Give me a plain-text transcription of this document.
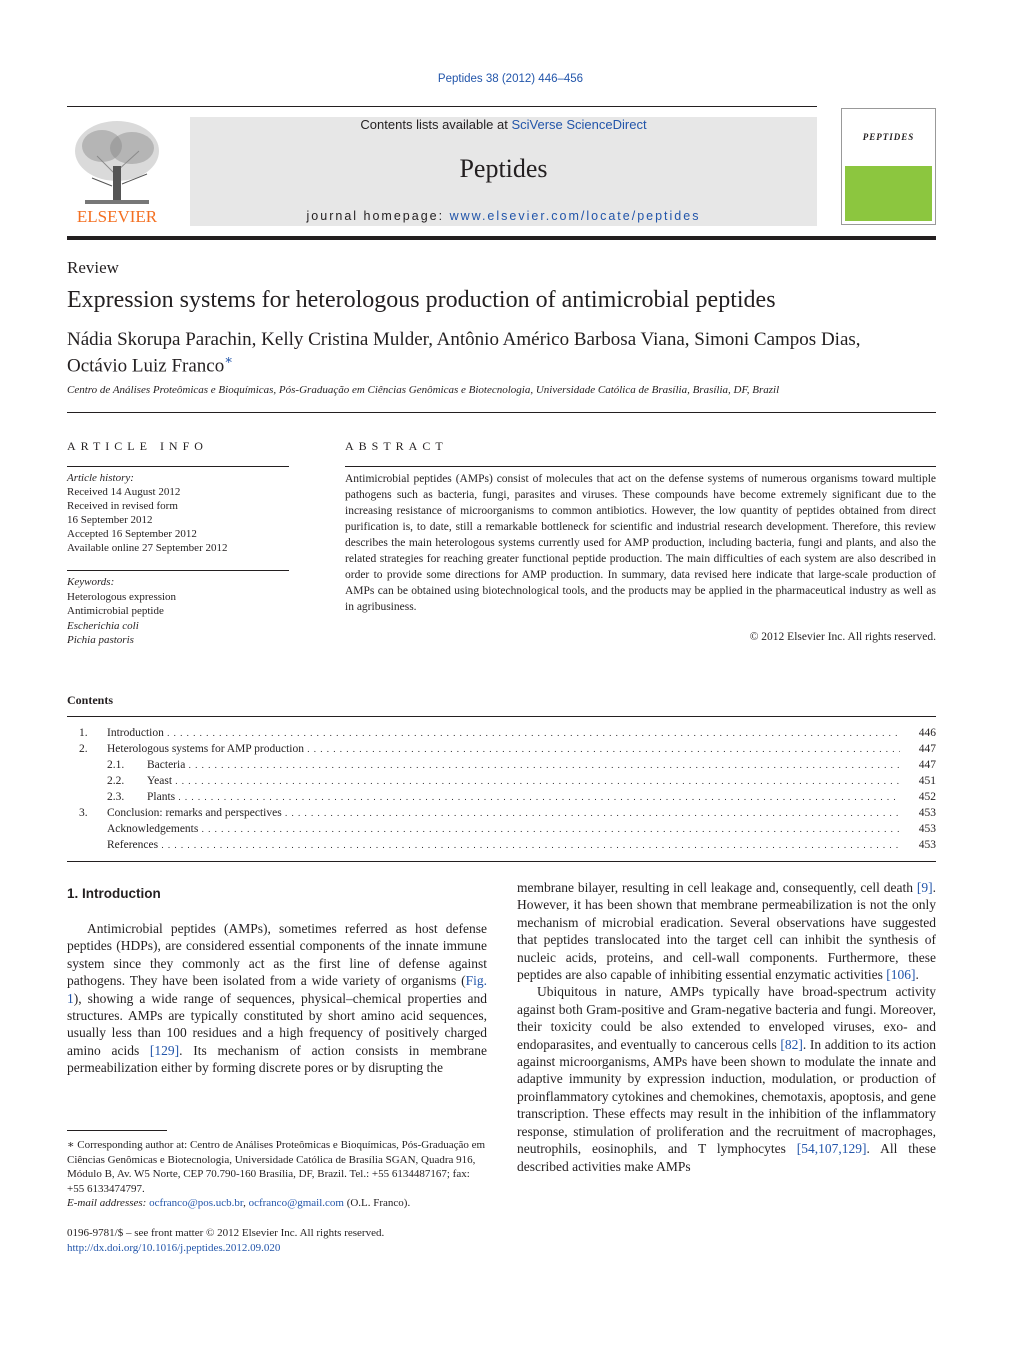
Peptides 38 (2012) 446–456
ELSEVIER
Contents lists available at SciVerse ScienceDirect
Peptides
journal homepage: www.elsevier.com/locate/peptides
PEPTIDES
Review
Expression systems for heterologous production of antimicrobial peptides
Nádia Skorupa Parachin, Kelly Cristina Mulder, Antônio Américo Barbosa Viana, Simoni Campos Dias,
Octávio Luiz Franco∗
Centro de Análises Proteômicas e Bioquímicas, Pós-Graduação em Ciências Genômicas e Biotecnologia, Universidade Católica de Brasília, Brasília, DF, Brazil
ARTICLE INFO
Article history:
Received 14 August 2012
Received in revised form
16 September 2012
Accepted 16 September 2012
Available online 27 September 2012
Keywords:
Heterologous expression
Antimicrobial peptide
Escherichia coli
Pichia pastoris
ABSTRACT
Antimicrobial peptides (AMPs) consist of molecules that act on the defense systems of numerous organisms toward multiple pathogens such as bacteria, fungi, parasites and viruses. These compounds have become extremely significant due to the increasing resistance of microorganisms to common antibiotics. However, the low quantity of peptides obtained from direct purification is, to date, still a remarkable bottleneck for scientific and industrial research development. Therefore, this review describes the main heterologous systems currently used for AMP production, including bacteria, fungi and plants, and also the related strategies for reaching greater functional peptide production. The main difficulties of each system are also described in order to provide some directions for AMP production. In summary, data revised here indicate that large-scale production of AMPs can be obtained using biotechnological tools, and the products may be applied in the pharmaceutical industry as well as in agribusiness.
© 2012 Elsevier Inc. All rights reserved.
Contents
1.	Introduction . . .	446
2.	Heterologous systems for AMP production . . .	447
2.1.	Bacteria . . .	447
2.2.	Yeast . . .	451
2.3.	Plants . . .	452
3.	Conclusion: remarks and perspectives . . .	453
Acknowledgements . . .	453
References . . .	453
1. Introduction
Antimicrobial peptides (AMPs), sometimes referred as host defense peptides (HDPs), are considered essential components of the innate immune system since they commonly act as the first line of defense against pathogens. They have been isolated from a wide variety of organisms (Fig. 1), showing a wide range of sequences, physical–chemical properties and structures. AMPs are typically constituted by short amino acid sequences, usually less than 100 residues and a high frequency of positively charged amino acids [129]. Its mechanism of action consists in membrane permeabilization either by forming discrete pores or by disrupting the

membrane bilayer, resulting in cell leakage and, consequently, cell death [9]. However, it has been shown that membrane permeabilization is not the only mechanism of microbial eradication. Several observations have suggested that peptides translocated into the target cell can inhibit the synthesis of nucleic acids, proteins, and cell-wall components. Furthermore, these peptides are also capable of inhibiting essential enzymatic activities [106].

Ubiquitous in nature, AMPs typically have broad-spectrum activity against both Gram-positive and Gram-negative bacteria and fungi. Moreover, their toxicity could be also extended to enveloped viruses, exo- and endoparasites, and eventually to cancerous cells [82]. In addition to its action against microorganisms, AMPs have been shown to modulate the innate and adaptive immunity by expression induction, modulation, or production of proinflammatory cytokines and chemokines, chemotaxis, apoptosis, and gene transcription. These effects may result in the inhibition of the inflammatory response, stimulation of proliferation and the recruitment of macrophages, neutrophils, eosinophils, and T lymphocytes [54,107,129]. All these described activities make AMPs

∗ Corresponding author at: Centro de Análises Proteômicas e Bioquímicas, Pós-Graduação em Ciências Genômicas e Biotecnologia, Universidade Católica de Brasília SGAN, Quadra 916, Módulo B, Av. W5 Norte, CEP 70.790-160 Brasília, DF, Brazil. Tel.: +55 6134487167; fax: +55 6133474797.
E-mail addresses: ocfranco@pos.ucb.br, ocfranco@gmail.com (O.L. Franco).
0196-9781/$ – see front matter © 2012 Elsevier Inc. All rights reserved.
http://dx.doi.org/10.1016/j.peptides.2012.09.020
